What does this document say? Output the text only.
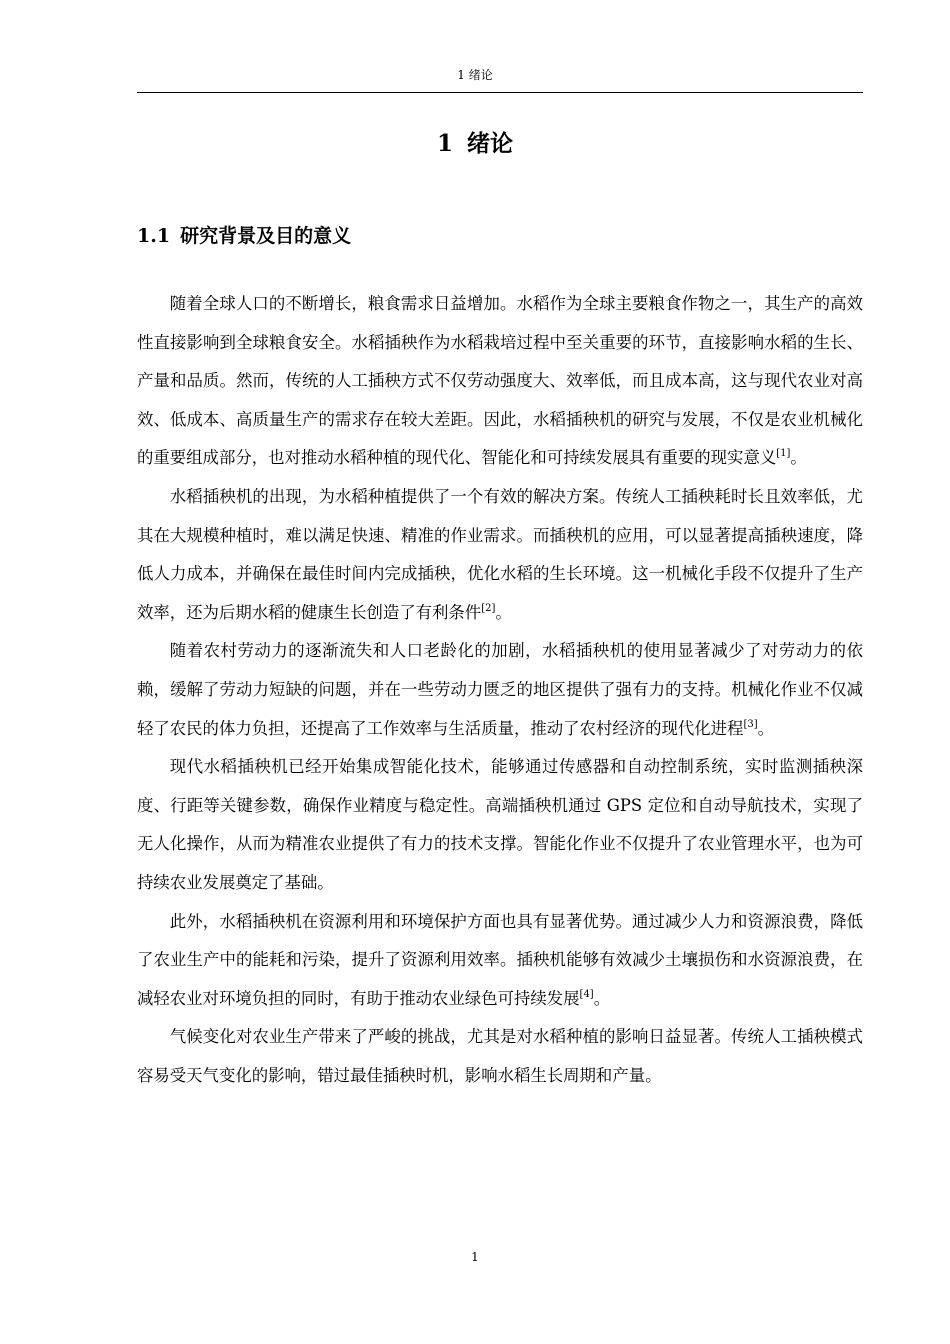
1 绪论
1 绪论
1.1 研究背景及目的意义

随着全球人口的不断增长，粮食需求日益增加。水稻作为全球主要粮食作物之一，其生产的高效性直接影响到全球粮食安全。水稻插秧作为水稻栽培过程中至关重要的环节，直接影响水稻的生长、产量和品质。然而，传统的人工插秧方式不仅劳动强度大、效率低，而且成本高，这与现代农业对高效、低成本、高质量生产的需求存在较大差距。因此，水稻插秧机的研究与发展，不仅是农业机械化的重要组成部分，也对推动水稻种植的现代化、智能化和可持续发展具有重要的现实意义[1]。

水稻插秧机的出现，为水稻种植提供了一个有效的解决方案。传统人工插秧耗时长且效率低，尤其在大规模种植时，难以满足快速、精准的作业需求。而插秧机的应用，可以显著提高插秧速度，降低人力成本，并确保在最佳时间内完成插秧，优化水稻的生长环境。这一机械化手段不仅提升了生产效率，还为后期水稻的健康生长创造了有利条件[2]。

随着农村劳动力的逐渐流失和人口老龄化的加剧，水稻插秧机的使用显著减少了对劳动力的依赖，缓解了劳动力短缺的问题，并在一些劳动力匮乏的地区提供了强有力的支持。机械化作业不仅减轻了农民的体力负担，还提高了工作效率与生活质量，推动了农村经济的现代化进程[3]。

现代水稻插秧机已经开始集成智能化技术，能够通过传感器和自动控制系统，实时监测插秧深度、行距等关键参数，确保作业精度与稳定性。高端插秧机通过 GPS 定位和自动导航技术，实现了无人化操作，从而为精准农业提供了有力的技术支撑。智能化作业不仅提升了农业管理水平，也为可持续农业发展奠定了基础。

此外，水稻插秧机在资源利用和环境保护方面也具有显著优势。通过减少人力和资源浪费，降低了农业生产中的能耗和污染，提升了资源利用效率。插秧机能够有效减少土壤损伤和水资源浪费，在减轻农业对环境负担的同时，有助于推动农业绿色可持续发展[4]。

气候变化对农业生产带来了严峻的挑战，尤其是对水稻种植的影响日益显著。传统人工插秧模式容易受天气变化的影响，错过最佳插秧时机，影响水稻生长周期和产量。

1
